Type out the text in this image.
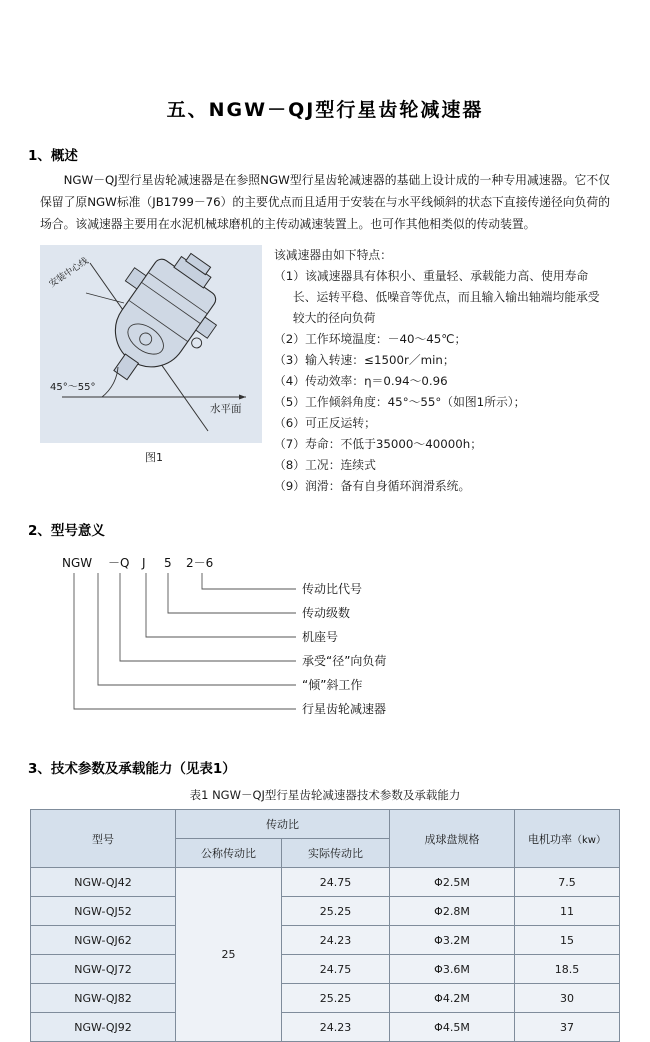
五、NGW－QJ型行星齿轮减速器
1、概述

NGW－QJ型行星齿轮减速器是在参照NGW型行星齿轮减速器的基础上设计成的一种专用减速器。它不仅保留了原NGW标准（JB1799－76）的主要优点而且适用于安装在与水平线倾斜的状态下直接传递径向负荷的场合。该减速器主要用在水泥机械球磨机的主传动减速装置上。也可作其他相类似的传动装置。

安装中心线
45°～55°
水平面
图1
该减速器由如下特点：
（1）该减速器具有体积小、重量轻、承载能力高、使用寿命长、运转平稳、低噪音等优点，而且输入输出轴端均能承受较大的径向负荷
（2）工作环境温度：－40～45℃；
（3）输入转速：≤1500r／min；
（4）传动效率：η＝0.94～0.96
（5）工作倾斜角度：45°～55°（如图1所示）；
（6）可正反运转；
（7）寿命：不低于35000～40000h；
（8）工况：连续式
（9）润滑：备有自身循环润滑系统。
2、型号意义
NGW －Q J 5 2－6
传动比代号
传动级数
机座号
承受“径”向负荷
“倾”斜工作
行星齿轮减速器
3、技术参数及承载能力（见表1）
表1 NGW－QJ型行星齿轮减速器技术参数及承载能力
型号	传动比		成球盘规格	电机功率（kw）
	公称传动比	实际传动比		
NGW-QJ42	25	24.75	Φ2.5M	7.5
NGW-QJ52		25.25	Φ2.8M	11
NGW-QJ62		24.23	Φ3.2M	15
NGW-QJ72		24.75	Φ3.6M	18.5
NGW-QJ82		25.25	Φ4.2M	30
NGW-QJ92		24.23	Φ4.5M	37
